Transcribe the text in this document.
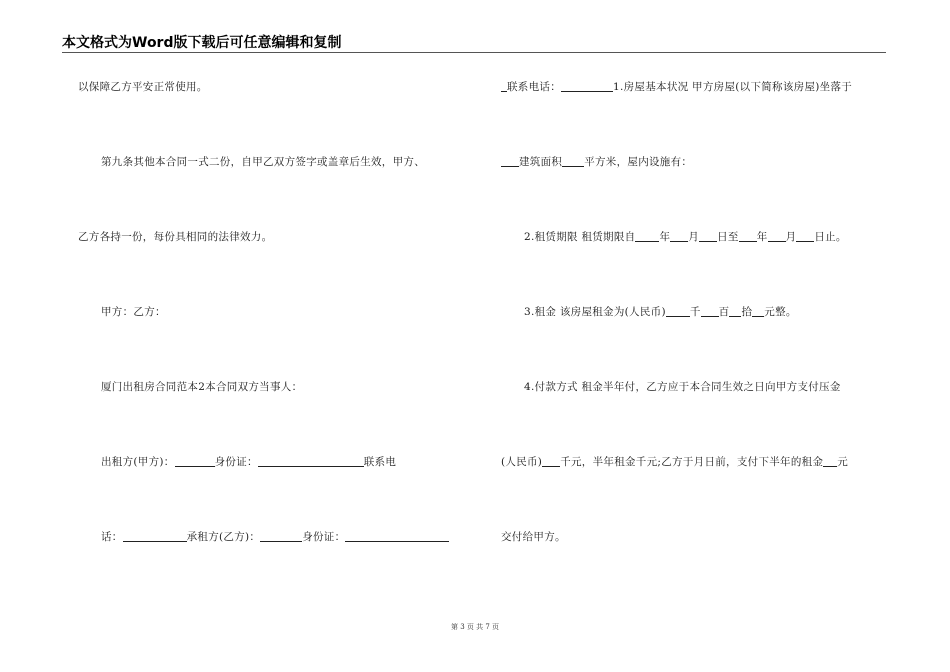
本文格式为Word版下载后可任意编辑和复制
以保障乙方平安正常使用。
第九条其他本合同一式二份，自甲乙双方签字或盖章后生效，甲方、
乙方各持一份，每份具相同的法律效力。
甲方：乙方：
厦门出租房合同范本2本合同双方当事人：
出租方(甲方)：	身份证：	联系电
话：	承租方(乙方)：	身份证：
联系电话：	1.房屋基本状况 甲方房屋(以下简称该房屋)坐落于
建筑面积 平方米，屋内设施有：
2.租赁期限 租赁期限自 年 月 日至 年 月 日止。
3.租金 该房屋租金为(人民币) 千 百 拾 元整。
4.付款方式 租金半年付，乙方应于本合同生效之日向甲方支付压金
(人民币) 千元，半年租金千元;乙方于月日前，支付下半年的租金 元
交付给甲方。
第 3 页 共 7 页
